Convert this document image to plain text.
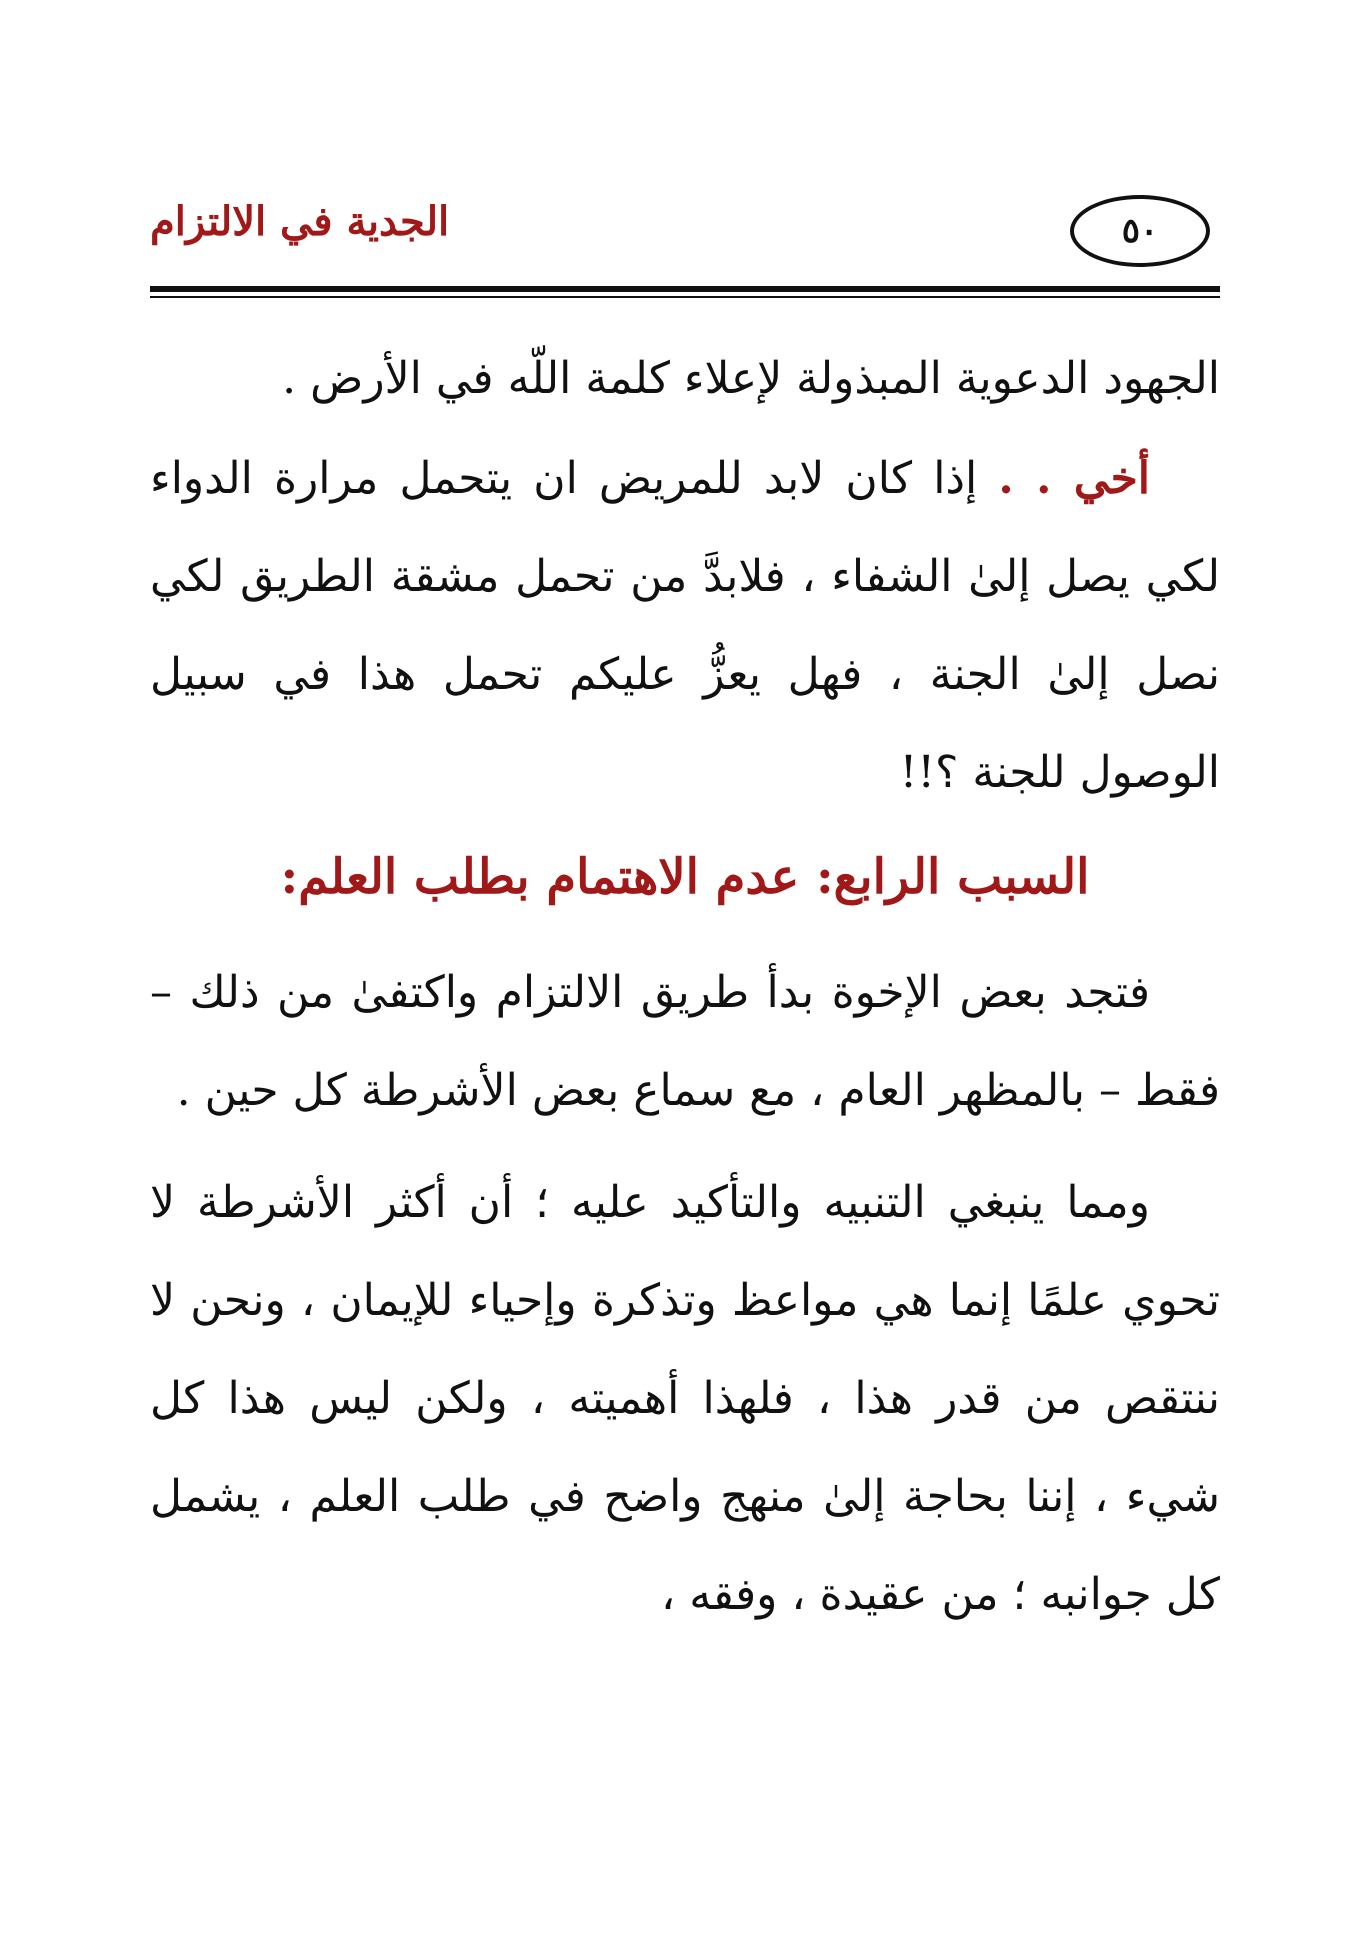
٥٠
الجدية في الالتزام

الجهود الدعوية المبذولة لإعلاء كلمة اللّه في الأرض .

أخي . . إذا كان لابد للمريض ان يتحمل مرارة الدواء لكي يصل إلىٰ الشفاء ، فلابدَّ من تحمل مشقة الطريق لكي نصل إلىٰ الجنة ، فهل يعزُّ عليكم تحمل هذا في سبيل الوصول للجنة ؟!!

السبب الرابع: عدم الاهتمام بطلب العلم:

فتجد بعض الإخوة بدأ طريق الالتزام واكتفىٰ من ذلك – فقط – بالمظهر العام ، مع سماع بعض الأشرطة كل حين .

ومما ينبغي التنبيه والتأكيد عليه ؛ أن أكثر الأشرطة لا تحوي علمًا إنما هي مواعظ وتذكرة وإحياء للإيمان ، ونحن لا ننتقص من قدر هذا ، فلهذا أهميته ، ولكن ليس هذا كل شيء ، إننا بحاجة إلىٰ منهج واضح في طلب العلم ، يشمل كل جوانبه ؛ من عقيدة ، وفقه ،
